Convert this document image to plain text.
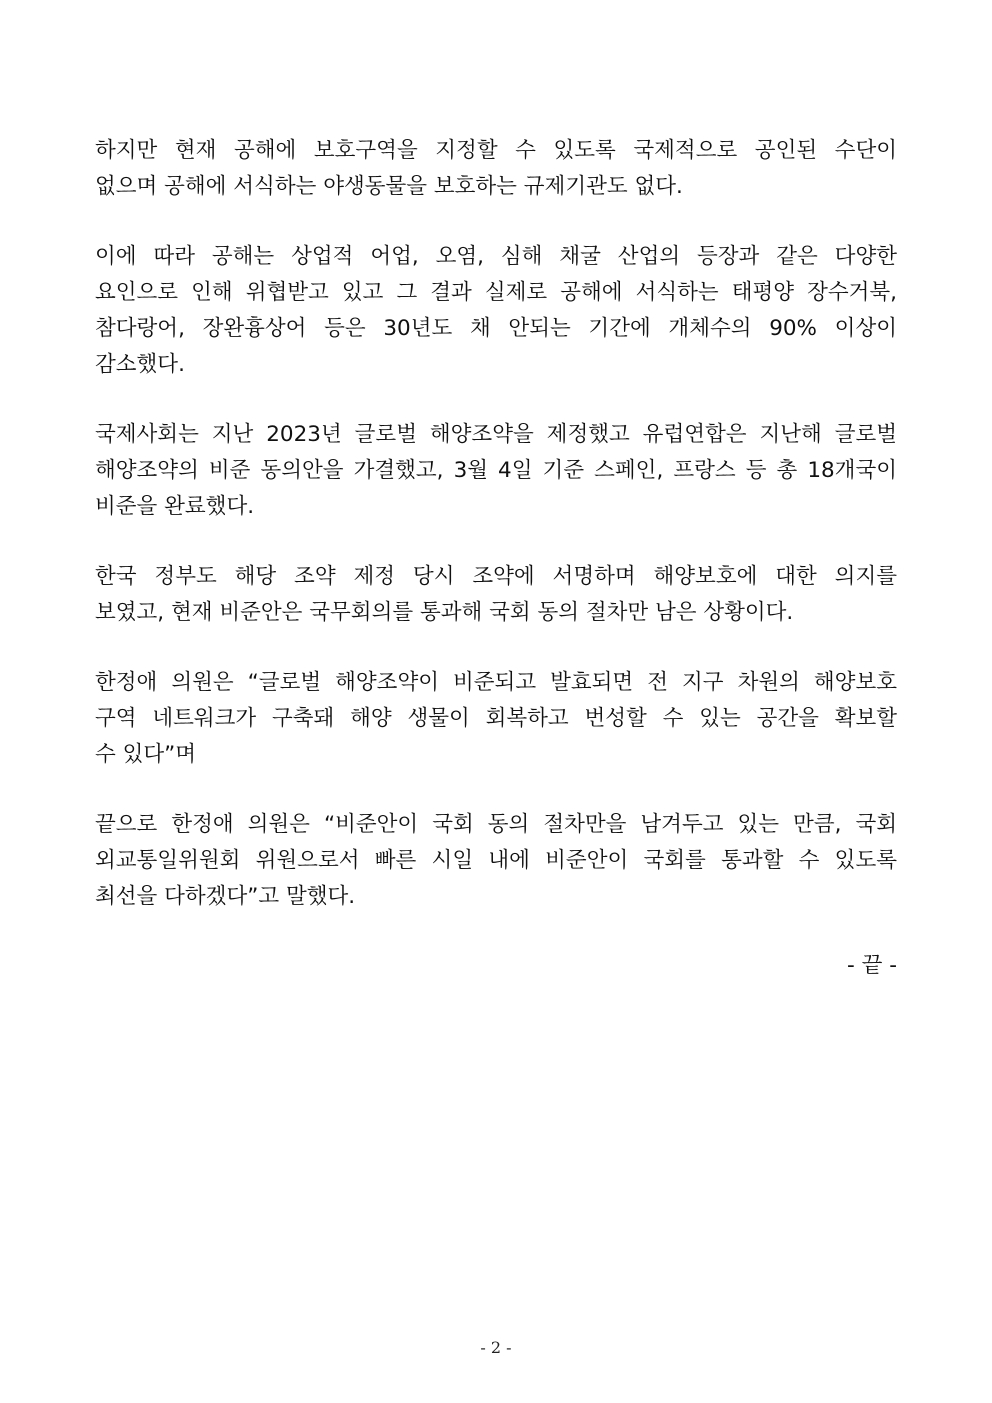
하지만 현재 공해에 보호구역을 지정할 수 있도록 국제적으로 공인된 수단이
없으며 공해에 서식하는 야생동물을 보호하는 규제기관도 없다.

이에 따라 공해는 상업적 어업, 오염, 심해 채굴 산업의 등장과 같은 다양한
요인으로 인해 위협받고 있고 그 결과 실제로 공해에 서식하는 태평양 장수거북,
참다랑어, 장완흉상어 등은 30년도 채 안되는 기간에 개체수의 90% 이상이
감소했다.

국제사회는 지난 2023년 글로벌 해양조약을 제정했고 유럽연합은 지난해 글로벌
해양조약의 비준 동의안을 가결했고, 3월 4일 기준 스페인, 프랑스 등 총 18개국이
비준을 완료했다.

한국 정부도 해당 조약 제정 당시 조약에 서명하며 해양보호에 대한 의지를
보였고, 현재 비준안은 국무회의를 통과해 국회 동의 절차만 남은 상황이다.

한정애 의원은 “글로벌 해양조약이 비준되고 발효되면 전 지구 차원의 해양보호
구역 네트워크가 구축돼 해양 생물이 회복하고 번성할 수 있는 공간을 확보할
수 있다”며

끝으로 한정애 의원은 “비준안이 국회 동의 절차만을 남겨두고 있는 만큼, 국회
외교통일위원회 위원으로서 빠른 시일 내에 비준안이 국회를 통과할 수 있도록
최선을 다하겠다”고 말했다.

- 끝 -
- 2 -
